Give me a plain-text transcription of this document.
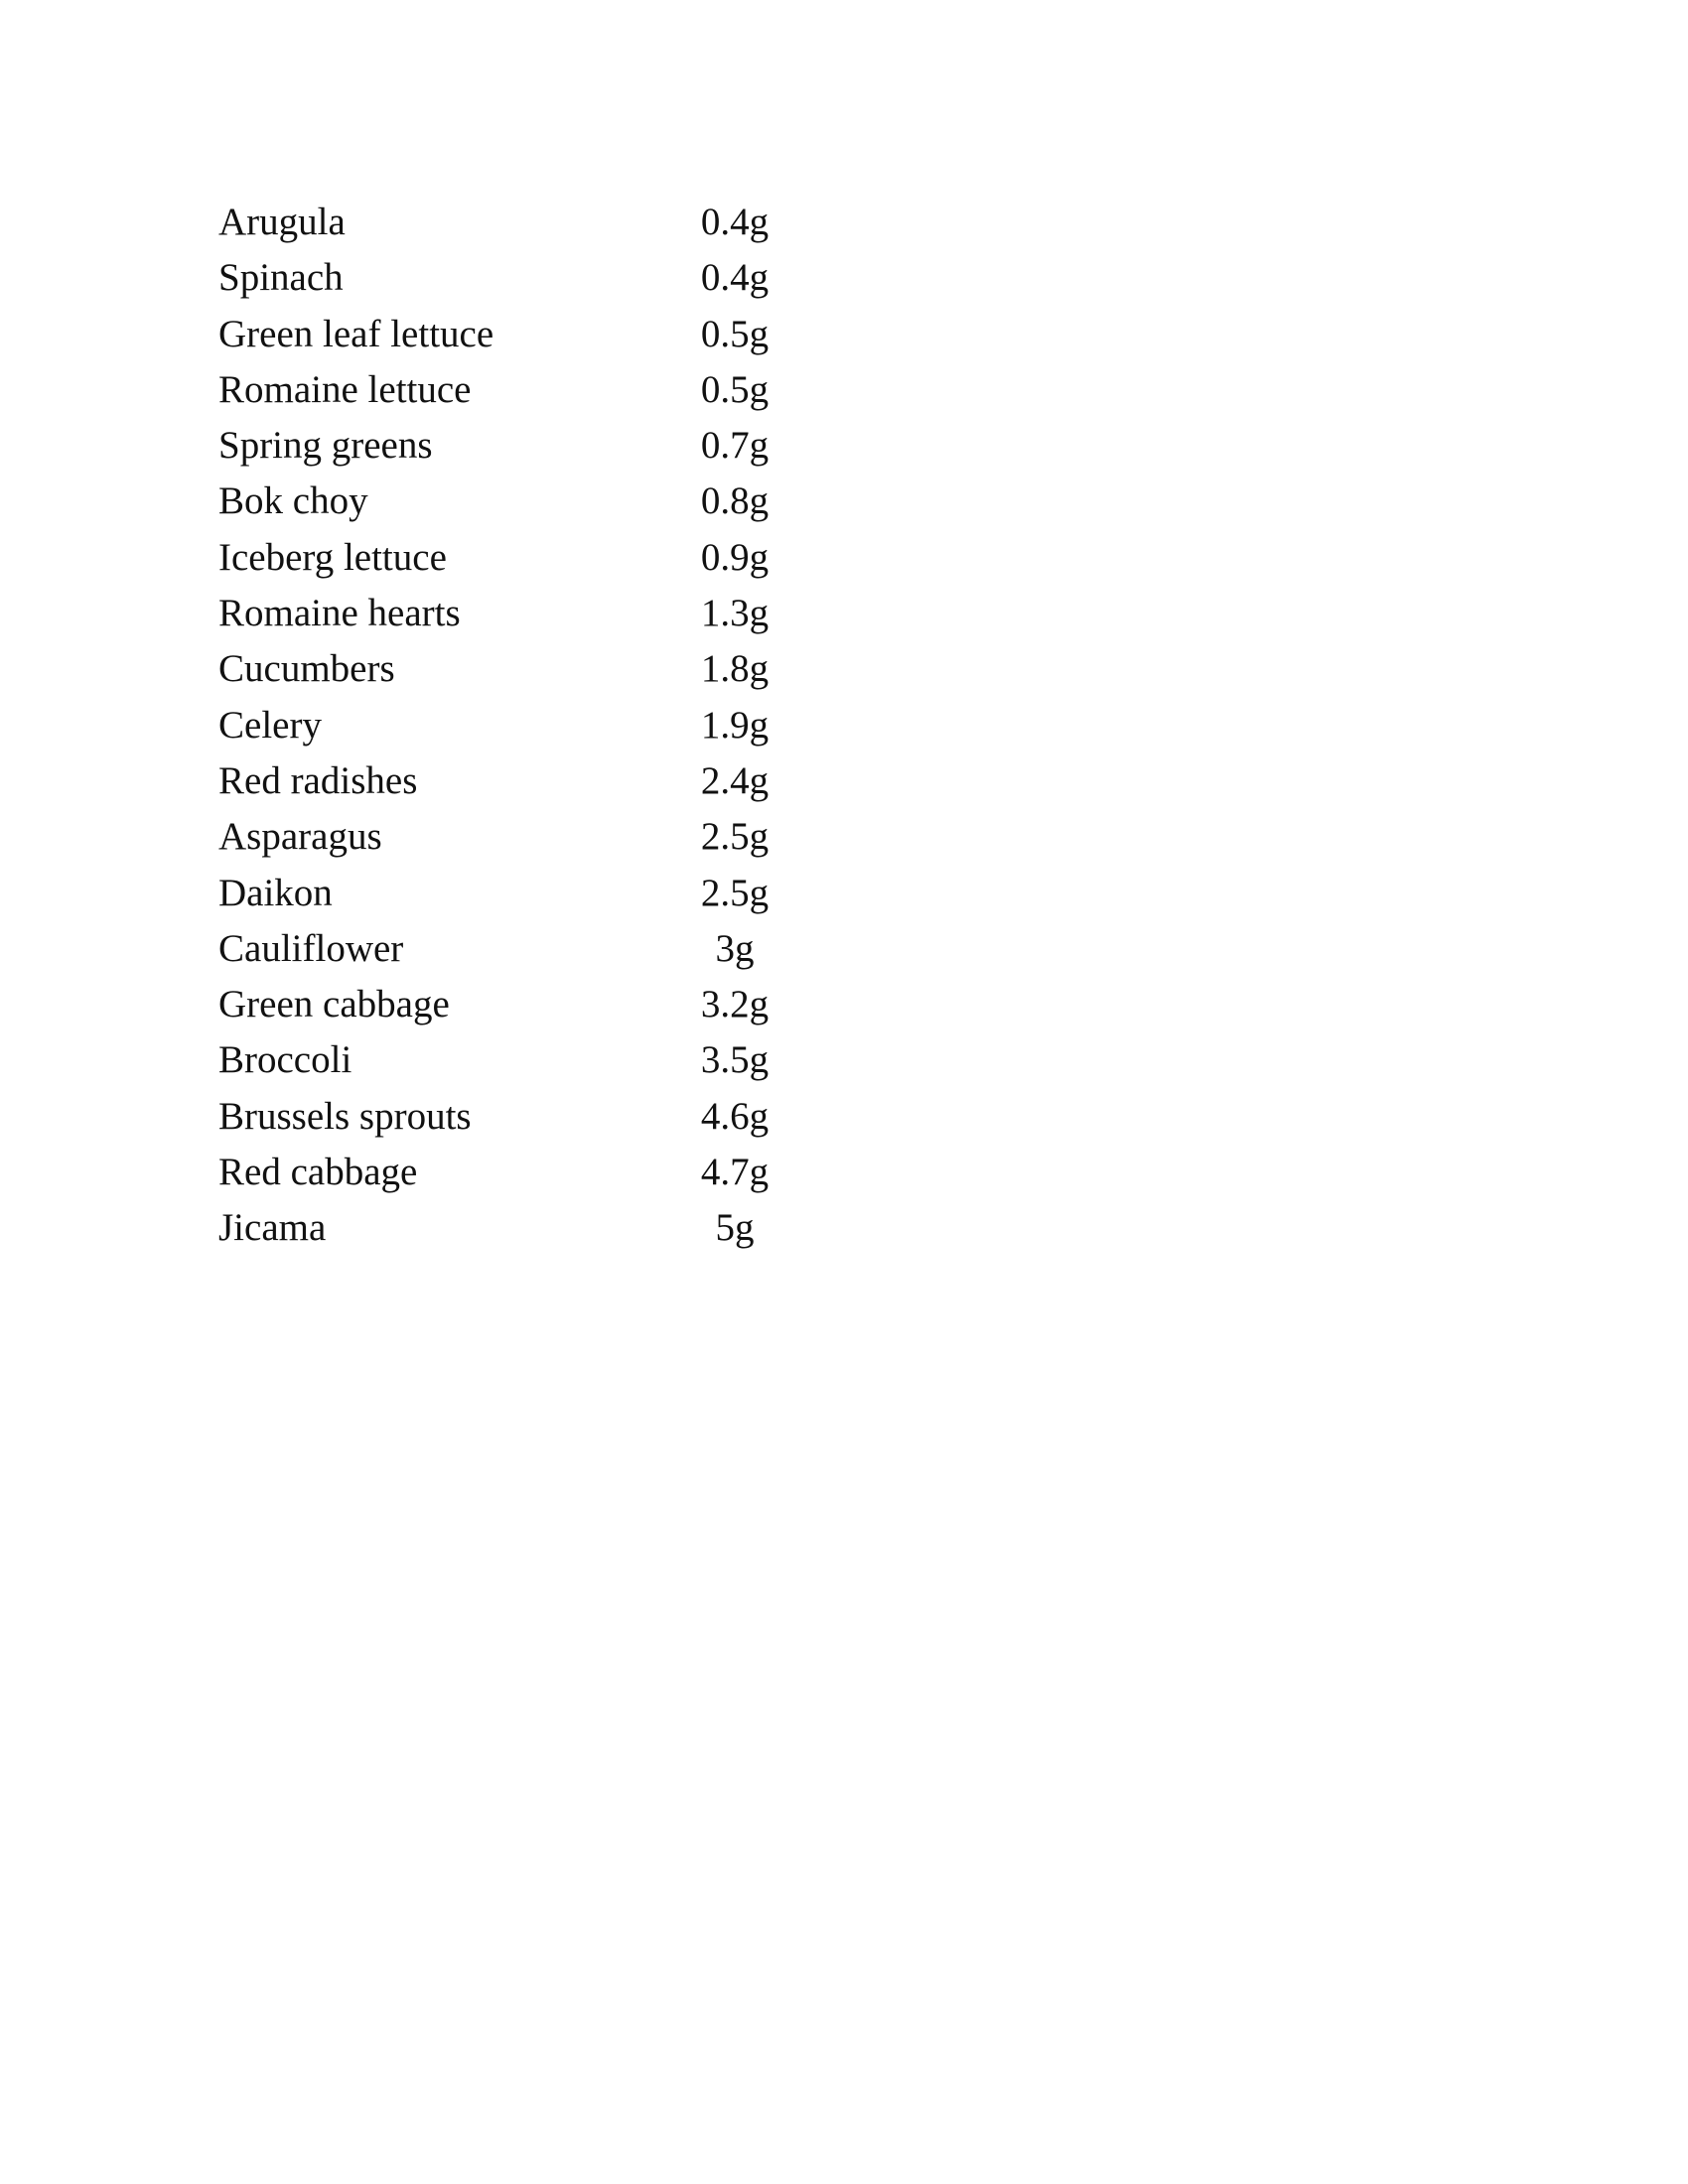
Arugula	0.4g
Spinach	0.4g
Green leaf lettuce	0.5g
Romaine lettuce	0.5g
Spring greens	0.7g
Bok choy	0.8g
Iceberg lettuce	0.9g
Romaine hearts	1.3g
Cucumbers	1.8g
Celery	1.9g
Red radishes	2.4g
Asparagus	2.5g
Daikon	2.5g
Cauliflower	3g
Green cabbage	3.2g
Broccoli	3.5g
Brussels sprouts	4.6g
Red cabbage	4.7g
Jicama	5g
